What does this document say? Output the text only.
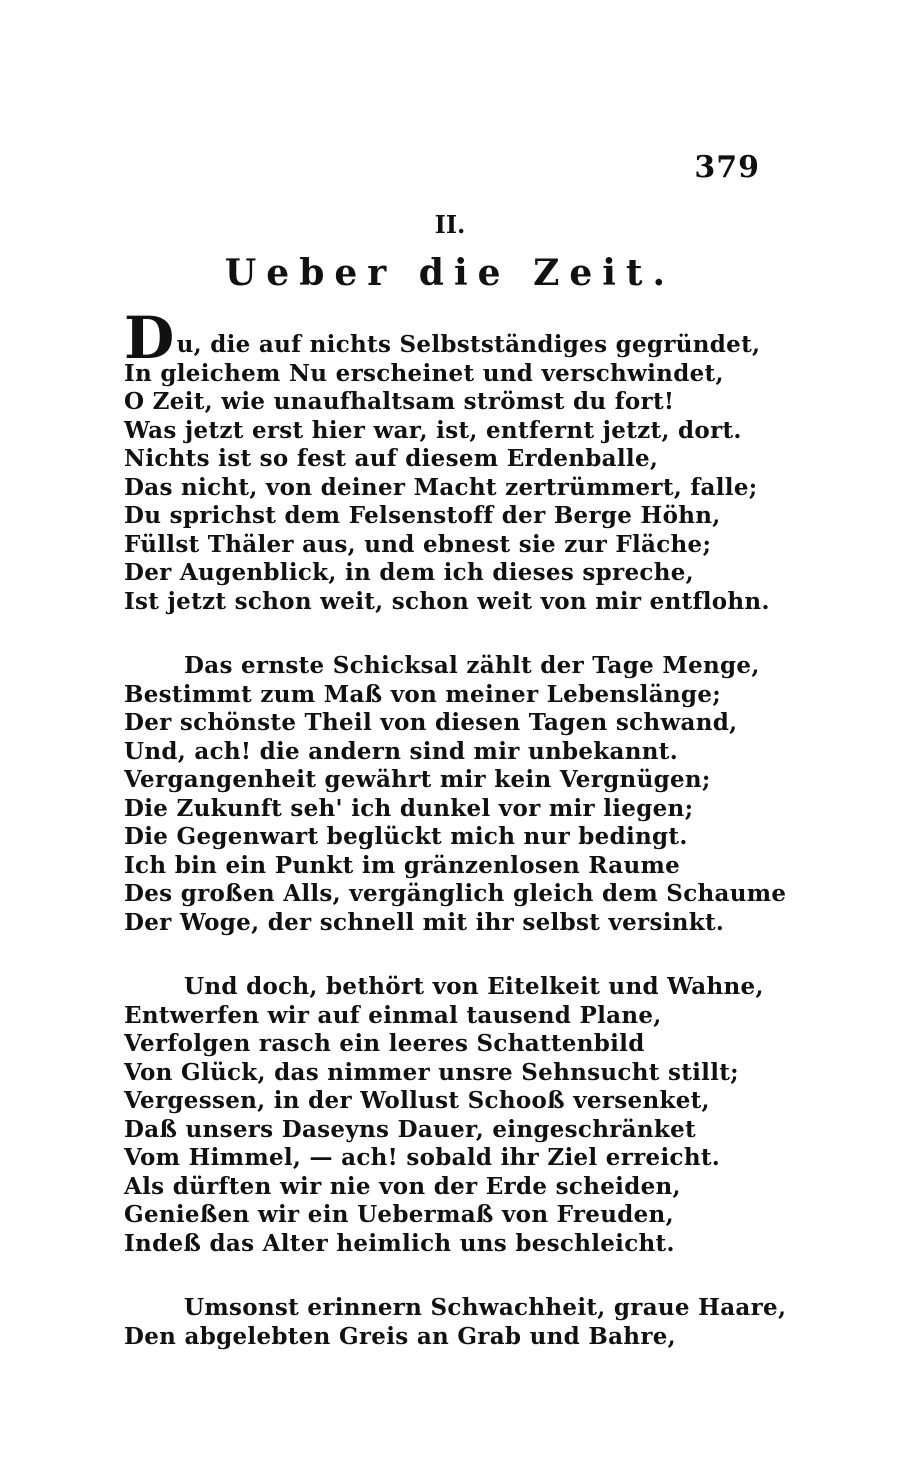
379
II.
Ueber die Zeit.
Du, die auf nichts Selbstständiges gegründet,
In gleichem Nu erscheinet und verschwindet,
O Zeit, wie unaufhaltsam strömst du fort!
Was jetzt erst hier war, ist, entfernt jetzt, dort.
Nichts ist so fest auf diesem Erdenballe,
Das nicht, von deiner Macht zertrümmert, falle;
Du sprichst dem Felsenstoff der Berge Höhn,
Füllst Thäler aus, und ebnest sie zur Fläche;
Der Augenblick, in dem ich dieses spreche,
Ist jetzt schon weit, schon weit von mir entflohn.
Das ernste Schicksal zählt der Tage Menge,
Bestimmt zum Maß von meiner Lebenslänge;
Der schönste Theil von diesen Tagen schwand,
Und, ach! die andern sind mir unbekannt.
Vergangenheit gewährt mir kein Vergnügen;
Die Zukunft seh' ich dunkel vor mir liegen;
Die Gegenwart beglückt mich nur bedingt.
Ich bin ein Punkt im gränzenlosen Raume
Des großen Alls, vergänglich gleich dem Schaume
Der Woge, der schnell mit ihr selbst versinkt.
Und doch, bethört von Eitelkeit und Wahne,
Entwerfen wir auf einmal tausend Plane,
Verfolgen rasch ein leeres Schattenbild
Von Glück, das nimmer unsre Sehnsucht stillt;
Vergessen, in der Wollust Schooß versenket,
Daß unsers Daseyns Dauer, eingeschränket
Vom Himmel, — ach! sobald ihr Ziel erreicht.
Als dürften wir nie von der Erde scheiden,
Genießen wir ein Uebermaß von Freuden,
Indeß das Alter heimlich uns beschleicht.
Umsonst erinnern Schwachheit, graue Haare,
Den abgelebten Greis an Grab und Bahre,
